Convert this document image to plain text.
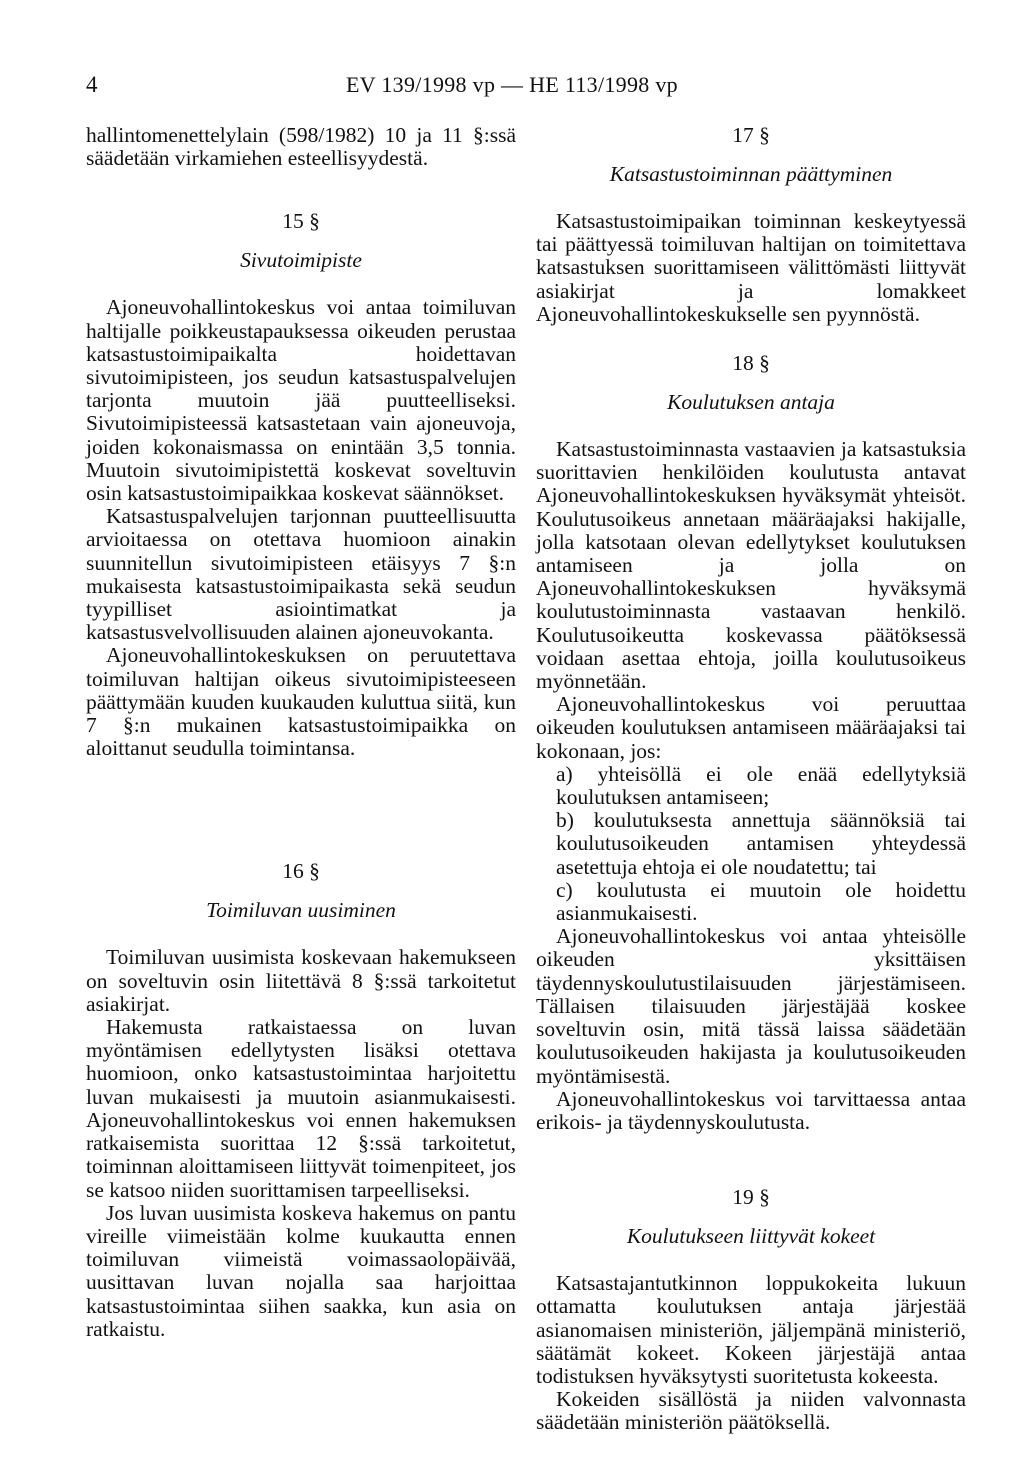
4	EV 139/1998 vp — HE 113/1998 vp

hallintomenettelylain (598/1982) 10 ja 11 §:ssä säädetään virkamiehen esteellisyydestä.

15 §
Sivutoimipiste

Ajoneuvohallintokeskus voi antaa toimiluvan haltijalle poikkeustapauksessa oikeuden perustaa katsastustoimipaikalta hoidettavan sivutoimipisteen, jos seudun katsastuspalvelujen tarjonta muutoin jää puutteelliseksi. Sivutoimipisteessä katsastetaan vain ajoneuvoja, joiden kokonaismassa on enintään 3,5 tonnia. Muutoin sivutoimipistettä koskevat soveltuvin osin katsastustoimipaikkaa koskevat säännökset.

Katsastuspalvelujen tarjonnan puutteellisuutta arvioitaessa on otettava huomioon ainakin suunnitellun sivutoimipisteen etäisyys 7 §:n mukaisesta katsastustoimipaikasta sekä seudun tyypilliset asiointimatkat ja katsastusvelvollisuuden alainen ajoneuvokanta.

Ajoneuvohallintokeskuksen on peruutettava toimiluvan haltijan oikeus sivutoimipisteeseen päättymään kuuden kuukauden kuluttua siitä, kun 7 §:n mukainen katsastustoimipaikka on aloittanut seudulla toimintansa.

16 §
Toimiluvan uusiminen

Toimiluvan uusimista koskevaan hakemukseen on soveltuvin osin liitettävä 8 §:ssä tarkoitetut asiakirjat.

Hakemusta ratkaistaessa on luvan myöntämisen edellytysten lisäksi otettava huomioon, onko katsastustoimintaa harjoitettu luvan mukaisesti ja muutoin asianmukaisesti. Ajoneuvohallintokeskus voi ennen hakemuksen ratkaisemista suorittaa 12 §:ssä tarkoitetut, toiminnan aloittamiseen liittyvät toimenpiteet, jos se katsoo niiden suorittamisen tarpeelliseksi.

Jos luvan uusimista koskeva hakemus on pantu vireille viimeistään kolme kuukautta ennen toimiluvan viimeistä voimassaolopäivää, uusittavan luvan nojalla saa harjoittaa katsastustoimintaa siihen saakka, kun asia on ratkaistu.

17 §
Katsastustoiminnan päättyminen

Katsastustoimipaikan toiminnan keskeytyessä tai päättyessä toimiluvan haltijan on toimitettava katsastuksen suorittamiseen välittömästi liittyvät asiakirjat ja lomakkeet Ajoneuvohallintokeskukselle sen pyynnöstä.

18 §
Koulutuksen antaja

Katsastustoiminnasta vastaavien ja katsastuksia suorittavien henkilöiden koulutusta antavat Ajoneuvohallintokeskuksen hyväksymät yhteisöt. Koulutusoikeus annetaan määräajaksi hakijalle, jolla katsotaan olevan edellytykset koulutuksen antamiseen ja jolla on Ajoneuvohallintokeskuksen hyväksymä koulutustoiminnasta vastaavan henkilö. Koulutusoikeutta koskevassa päätöksessä voidaan asettaa ehtoja, joilla koulutusoikeus myönnetään.

Ajoneuvohallintokeskus voi peruuttaa oikeuden koulutuksen antamiseen määräajaksi tai kokonaan, jos:

a) yhteisöllä ei ole enää edellytyksiä koulutuksen antamiseen;

b) koulutuksesta annettuja säännöksiä tai koulutusoikeuden antamisen yhteydessä asetettuja ehtoja ei ole noudatettu; tai

c) koulutusta ei muutoin ole hoidettu asianmukaisesti.

Ajoneuvohallintokeskus voi antaa yhteisölle oikeuden yksittäisen täydennyskoulutustilaisuuden järjestämiseen. Tällaisen tilaisuuden järjestäjää koskee soveltuvin osin, mitä tässä laissa säädetään koulutusoikeuden hakijasta ja koulutusoikeuden myöntämisestä.

Ajoneuvohallintokeskus voi tarvittaessa antaa erikois- ja täydennyskoulutusta.

19 §
Koulutukseen liittyvät kokeet

Katsastajantutkinnon loppukokeita lukuun ottamatta koulutuksen antaja järjestää asianomaisen ministeriön, jäljempänä ministeriö, säätämät kokeet. Kokeen järjestäjä antaa todistuksen hyväksytysti suoritetusta kokeesta.

Kokeiden sisällöstä ja niiden valvonnasta säädetään ministeriön päätöksellä.
